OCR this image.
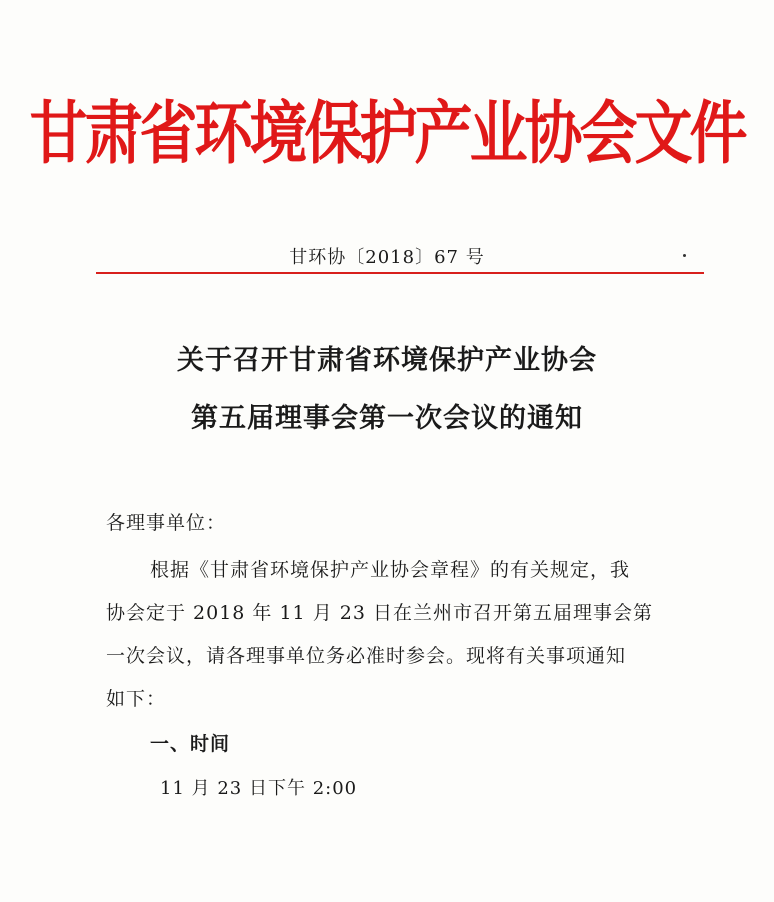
甘肃省环境保护产业协会文件
甘环协〔2018〕67 号
关于召开甘肃省环境保护产业协会
第五届理事会第一次会议的通知
各理事单位：
根据《甘肃省环境保护产业协会章程》的有关规定，我
协会定于 2018 年 11 月 23 日在兰州市召开第五届理事会第
一次会议，请各理事单位务必准时参会。现将有关事项通知
如下：
一、时间
11 月 23 日下午 2:00
